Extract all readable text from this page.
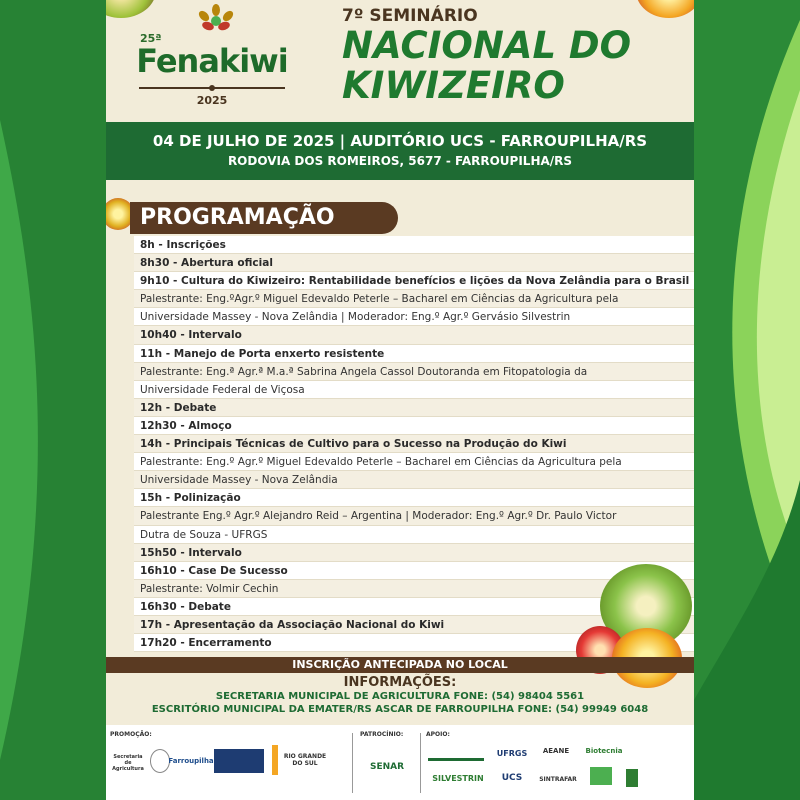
25ª
Fenakiwi
2025
7º SEMINÁRIO
NACIONAL DO
KIWIZEIRO
04 DE JULHO DE 2025 | AUDITÓRIO UCS - FARROUPILHA/RS
RODOVIA DOS ROMEIROS, 5677 - FARROUPILHA/RS
PROGRAMAÇÃO
8h - Inscrições
8h30 - Abertura oficial
9h10 - Cultura do Kiwizeiro: Rentabilidade benefícios e lições da Nova Zelândia para o Brasil
Palestrante: Eng.ºAgr.º Miguel Edevaldo Peterle – Bacharel em Ciências da Agricultura pela
Universidade Massey - Nova Zelândia | Moderador: Eng.º Agr.º Gervásio Silvestrin
10h40 - Intervalo
11h - Manejo de Porta enxerto resistente
Palestrante: Eng.ª Agr.ª M.a.ª Sabrina Angela Cassol Doutoranda em Fitopatologia da
Universidade Federal de Viçosa
12h - Debate
12h30 - Almoço
14h - Principais Técnicas de Cultivo para o Sucesso na Produção do Kiwi
Palestrante: Eng.º Agr.º Miguel Edevaldo Peterle – Bacharel em Ciências da Agricultura pela
Universidade Massey - Nova Zelândia
15h - Polinização
Palestrante Eng.º Agr.º Alejandro Reid – Argentina | Moderador: Eng.º Agr.º Dr. Paulo Victor
Dutra de Souza - UFRGS
15h50 - Intervalo
16h10 - Case De Sucesso
Palestrante: Volmir Cechin
16h30 - Debate
17h - Apresentação da Associação Nacional do Kiwi
17h20 - Encerramento
INSCRIÇÃO ANTECIPADA NO LOCAL
INFORMAÇÕES:
SECRETARIA MUNICIPAL DE AGRICULTURA FONE: (54) 98404 5561
ESCRITÓRIO MUNICIPAL DA EMATER/RS ASCAR DE FARROUPILHA FONE: (54) 99949 6048
PROMOÇÃO:	PATROCÍNIO:	APOIO:
Secretaria de Agricultura
Farroupilha
RIO GRANDE DO SUL	SENAR
UFRGS	AEANE	Biotecnia
SILVESTRIN	UCS	SINTRAFAR
